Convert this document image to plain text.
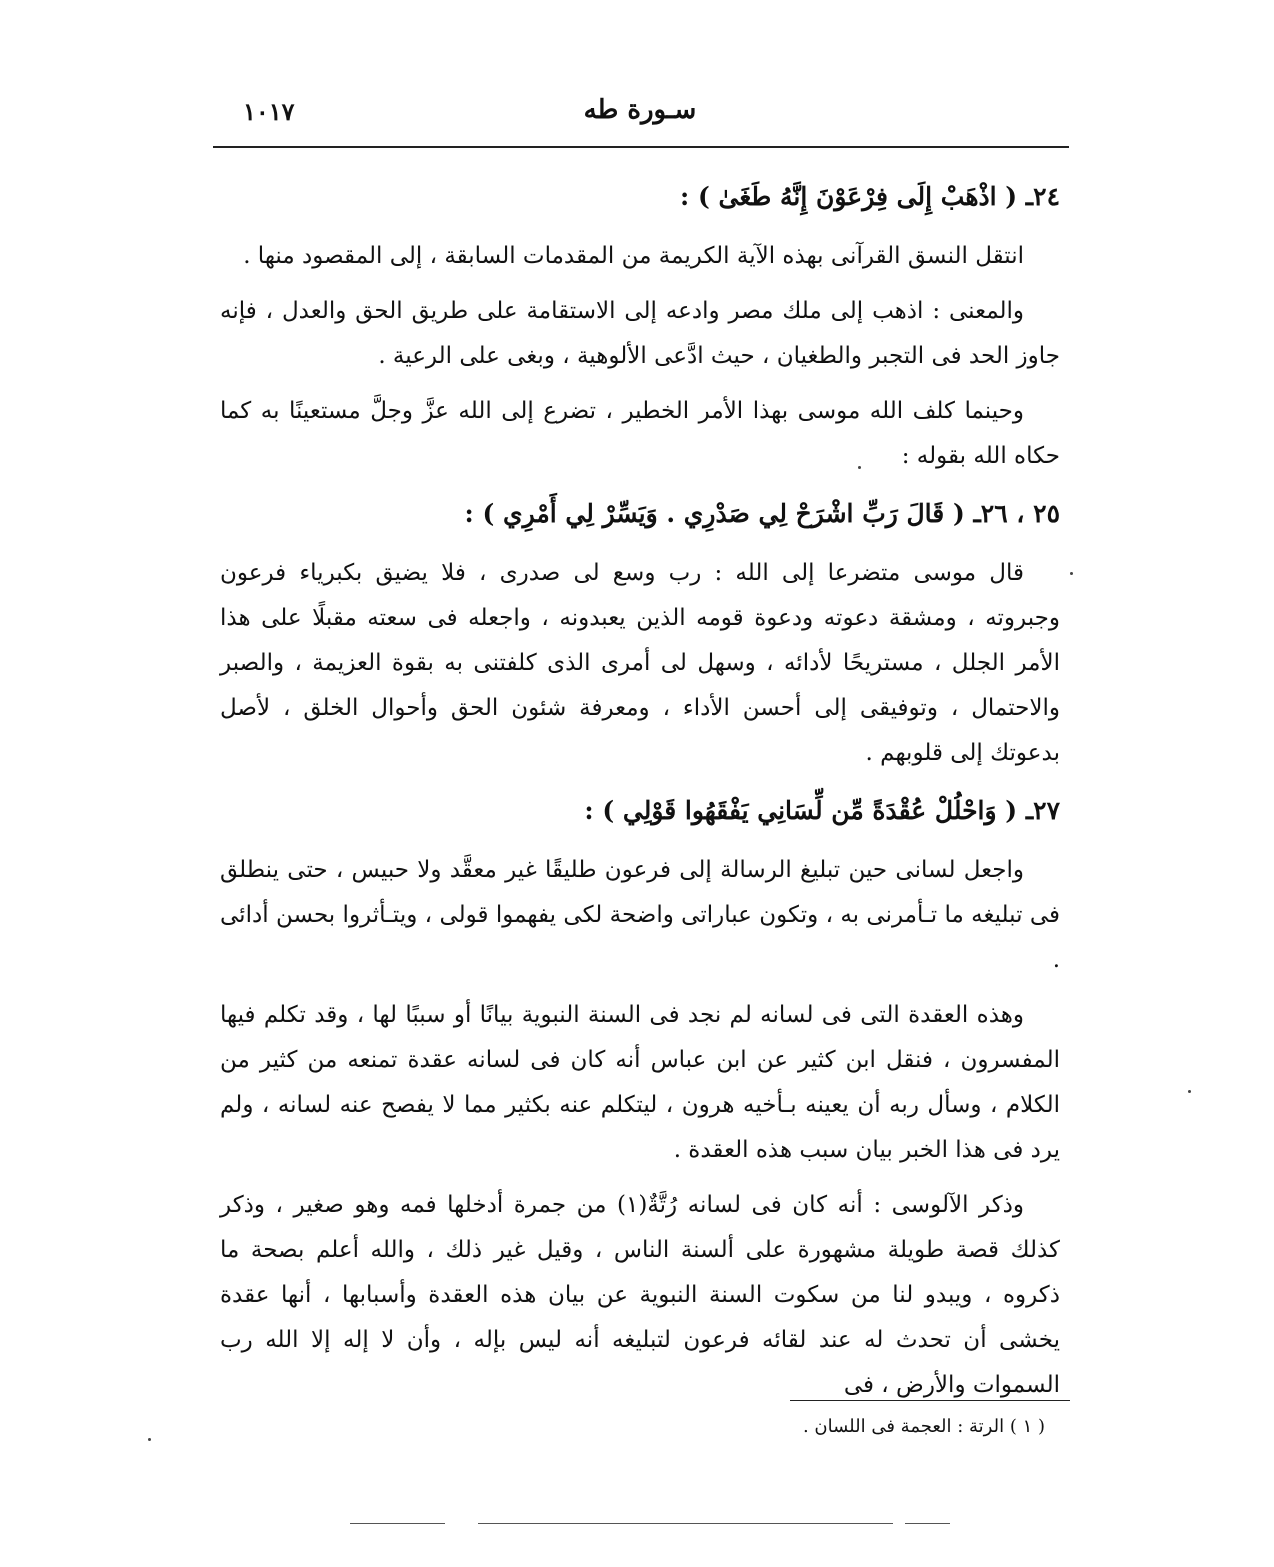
١٠١٧	سـورة طه
٢٤ـ ( اذْهَبْ إِلَى فِرْعَوْنَ إِنَّهُ طَغَىٰ ) :

انتقل النسق القرآنى بهذه الآية الكريمة من المقدمات السابقة ، إلى المقصود منها .

والمعنى : اذهب إلى ملك مصر وادعه إلى الاستقامة على طريق الحق والعدل ، فإنه جاوز الحد فى التجبر والطغيان ، حيث ادَّعى الألوهية ، وبغى على الرعية .

وحينما كلف الله موسى بهذا الأمر الخطير ، تضرع إلى الله عزَّ وجلَّ مستعينًا به كما حكاه الله بقوله :

٢٥ ، ٢٦ـ ( قَالَ رَبِّ اشْرَحْ لِي صَدْرِي . وَيَسِّرْ لِي أَمْرِي ) :

قال موسى متضرعا إلى الله : رب وسع لى صدرى ، فلا يضيق بكبرياء فرعون وجبروته ، ومشقة دعوته ودعوة قومه الذين يعبدونه ، واجعله فى سعته مقبلًا على هذا الأمر الجلل ، مستريحًا لأدائه ، وسهل لى أمرى الذى كلفتنى به بقوة العزيمة ، والصبر والاحتمال ، وتوفيقى إلى أحسن الأداء ، ومعرفة شئون الحق وأحوال الخلق ، لأصل بدعوتك إلى قلوبهم .

٢٧ـ ( وَاحْلُلْ عُقْدَةً مِّن لِّسَانِي يَفْقَهُوا قَوْلِي ) :

واجعل لسانى حين تبليغ الرسالة إلى فرعون طليقًا غير معقَّد ولا حبيس ، حتى ينطلق فى تبليغه ما تـأمرنى به ، وتكون عباراتى واضحة لكى يفهموا قولى ، ويتـأثروا بحسن أدائى .

وهذه العقدة التى فى لسانه لم نجد فى السنة النبوية بيانًا أو سببًا لها ، وقد تكلم فيها المفسرون ، فنقل ابن كثير عن ابن عباس أنه كان فى لسانه عقدة تمنعه من كثير من الكلام ، وسأل ربه أن يعينه بـأخيه هرون ، ليتكلم عنه بكثير مما لا يفصح عنه لسانه ، ولم يرد فى هذا الخبر بيان سبب هذه العقدة .

وذكر الآلوسى : أنه كان فى لسانه رُتَّةٌ(١) من جمرة أدخلها فمه وهو صغير ، وذكر كذلك قصة طويلة مشهورة على ألسنة الناس ، وقيل غير ذلك ، والله أعلم بصحة ما ذكروه ، ويبدو لنا من سكوت السنة النبوية عن بيان هذه العقدة وأسبابها ، أنها عقدة يخشى أن تحدث له عند لقائه فرعون لتبليغه أنه ليس بإله ، وأن لا إله إلا الله رب السموات والأرض ، فى

( ١ ) الرتة : العجمة فى اللسان .
